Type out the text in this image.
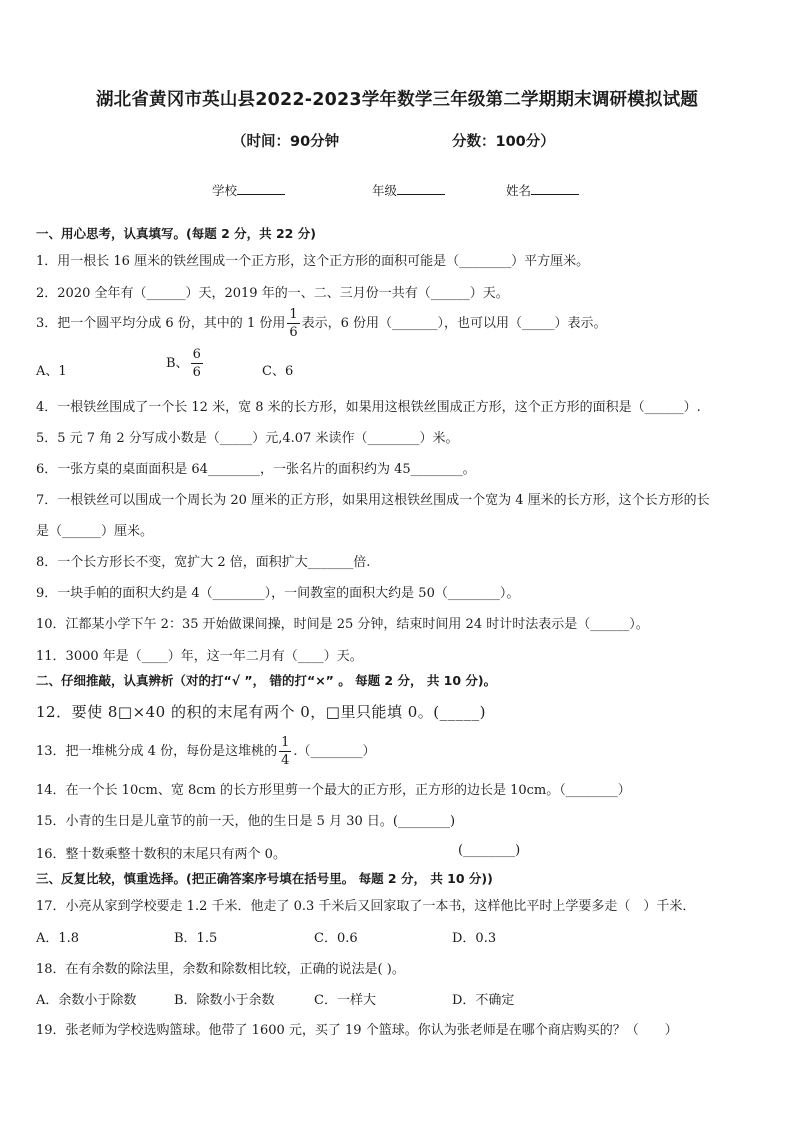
湖北省黄冈市英山县2022-2023学年数学三年级第二学期期末调研模拟试题
（时间：90分钟	分数：100分）
学校	年级	姓名
一、用心思考，认真填写。(每题 2 分，共 22 分)
1．用一根长 16 厘米的铁丝围成一个正方形，这个正方形的面积可能是（________）平方厘米。
2．2020 全年有（______）天，2019 年的一、二、三月份一共有（______）天。
3．把一个圆平均分成 6 份，其中的 1 份用 $\frac{1}{6}$ 表示，6 份用（_______），也可以用（_____）表示。
A、1
B、 $\frac{6}{6}$	C、6
4．一根铁丝围成了一个长 12 米，宽 8 米的长方形，如果用这根铁丝围成正方形，这个正方形的面积是（______）.
5．5 元 7 角 2 分写成小数是（_____）元,4.07 米读作（________）米。
6．一张方桌的桌面面积是 64________，一张名片的面积约为 45________。
7．一根铁丝可以围成一个周长为 20 厘米的正方形，如果用这根铁丝围成一个宽为 4 厘米的长方形，这个长方形的长
是（______）厘米。
8．一个长方形长不变，宽扩大 2 倍，面积扩大_______倍.
9．一块手帕的面积大约是 4（________），一间教室的面积大约是 50（________）。
10．江都某小学下午 2：35 开始做课间操，时间是 25 分钟，结束时间用 24 时计时法表示是（______）。
11．3000 年是（____）年，这一年二月有（____）天。
二、仔细推敲，认真辨析（对的打“√ ”， 错的打“×” 。 每题 2 分， 共 10 分)。
12．要使 8□×40 的积的末尾有两个 0，□里只能填 0。(_____)
13．把一堆桃分成 4 份，每份是这堆桃的 $\frac{1}{4}$ .（________）
14．在一个长 10cm、宽 8cm 的长方形里剪一个最大的正方形，正方形的边长是 10cm。（________）
15．小青的生日是儿童节的前一天，他的生日是 5 月 30 日。(________)
16．整十数乘整十数积的末尾只有两个 0。	(________)
三、反复比较，慎重选择。(把正确答案序号填在括号里。 每题 2 分， 共 10 分))
17．小亮从家到学校要走 1.2 千米．他走了 0.3 千米后又回家取了一本书，这样他比平时上学要多走（　）千米．
A．1.8	B．1.5	C．0.6	D．0.3
18．在有余数的除法里，余数和除数相比较，正确的说法是( )。
A．余数小于除数	B．除数小于余数	C．一样大	D．不确定
19．张老师为学校选购篮球。他带了 1600 元，买了 19 个篮球。你认为张老师是在哪个商店购买的？（　　）
